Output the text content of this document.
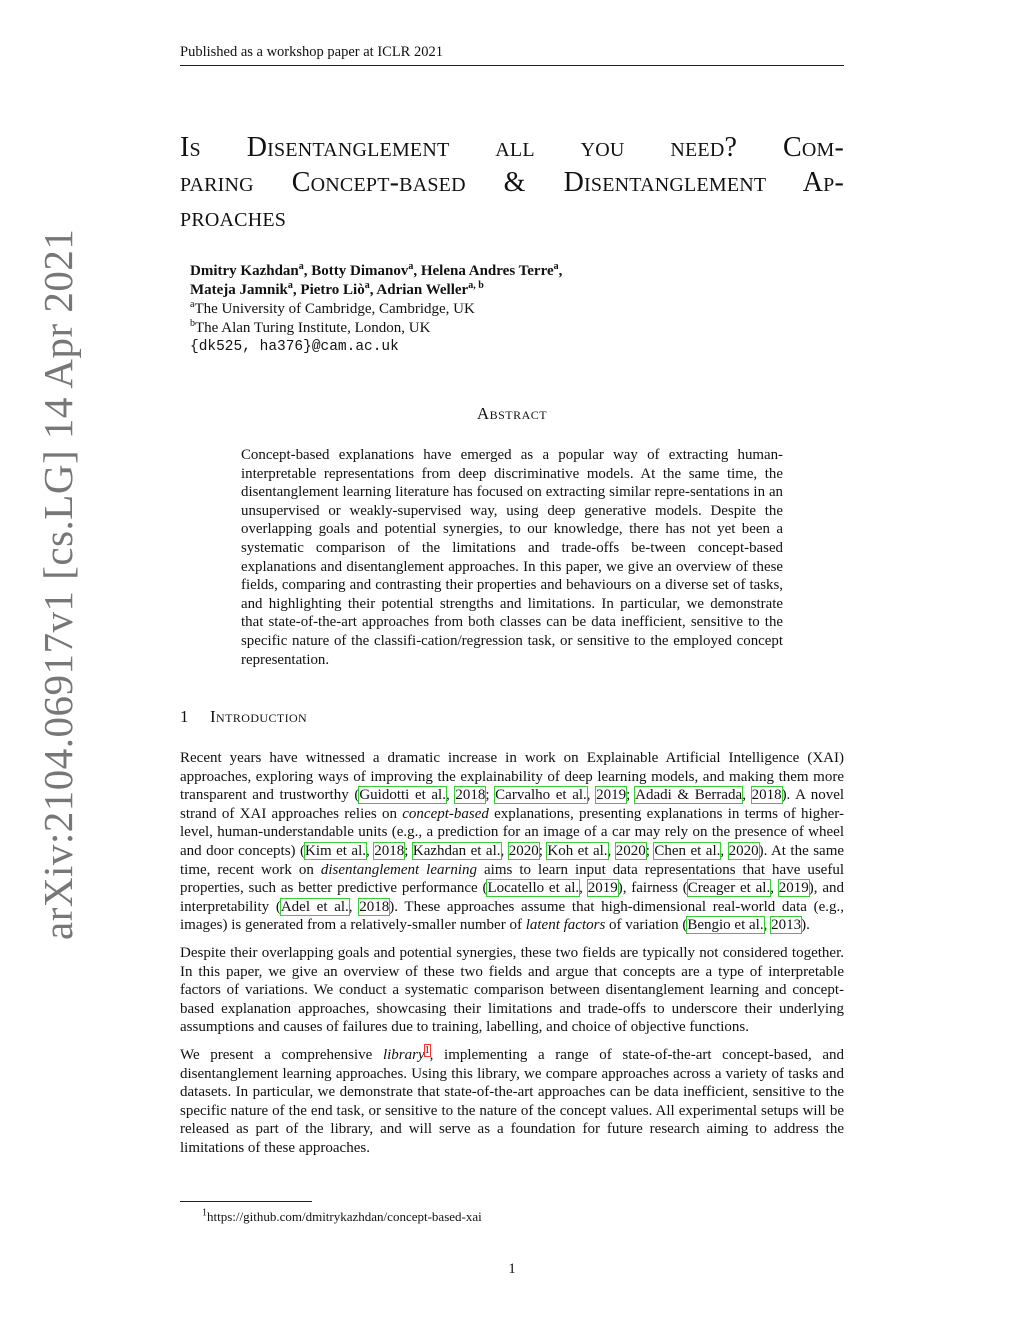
Published as a workshop paper at ICLR 2021
arXiv:2104.06917v1 [cs.LG] 14 Apr 2021
Is Disentanglement all you need? Com-
paring Concept-based & Disentanglement Ap-
proaches
Dmitry Kazhdan$^a$, Botty Dimanov$^a$, Helena Andres Terre$^a$,
Mateja Jamnik$^a$, Pietro Liò$^a$, Adrian Weller$^{a, b}$
$^a$The University of Cambridge, Cambridge, UK
$^b$The Alan Turing Institute, London, UK
{dk525, ha376}@cam.ac.uk
Abstract
Concept-based explanations have emerged as a popular way of extracting human-interpretable representations from deep discriminative models. At the same time, the disentanglement learning literature has focused on extracting similar repre-sentations in an unsupervised or weakly-supervised way, using deep generative models. Despite the overlapping goals and potential synergies, to our knowledge, there has not yet been a systematic comparison of the limitations and trade-offs be-tween concept-based explanations and disentanglement approaches. In this paper, we give an overview of these fields, comparing and contrasting their properties and behaviours on a diverse set of tasks, and highlighting their potential strengths and limitations. In particular, we demonstrate that state-of-the-art approaches from both classes can be data inefficient, sensitive to the specific nature of the classifi-cation/regression task, or sensitive to the employed concept representation.
1 Introduction

Recent years have witnessed a dramatic increase in work on Explainable Artificial Intelligence (XAI) approaches, exploring ways of improving the explainability of deep learning models, and making them more transparent and trustworthy (Guidotti et al., 2018; Carvalho et al., 2019; Adadi & Berrada, 2018). A novel strand of XAI approaches relies on concept-based explanations, presenting explanations in terms of higher-level, human-understandable units (e.g., a prediction for an image of a car may rely on the presence of wheel and door concepts) (Kim et al., 2018; Kazhdan et al., 2020; Koh et al., 2020; Chen et al., 2020). At the same time, recent work on disentanglement learning aims to learn input data representations that have useful properties, such as better predictive performance (Locatello et al., 2019), fairness (Creager et al., 2019), and interpretability (Adel et al., 2018). These approaches assume that high-dimensional real-world data (e.g., images) is generated from a relatively-smaller number of latent factors of variation (Bengio et al., 2013).

Despite their overlapping goals and potential synergies, these two fields are typically not considered together. In this paper, we give an overview of these two fields and argue that concepts are a type of interpretable factors of variations. We conduct a systematic comparison between disentanglement learning and concept-based explanation approaches, showcasing their limitations and trade-offs to underscore their underlying assumptions and causes of failures due to training, labelling, and choice of objective functions.

We present a comprehensive library$^1$, implementing a range of state-of-the-art concept-based, and disentanglement learning approaches. Using this library, we compare approaches across a variety of tasks and datasets. In particular, we demonstrate that state-of-the-art approaches can be data inefficient, sensitive to the specific nature of the end task, or sensitive to the nature of the concept values. All experimental setups will be released as part of the library, and will serve as a foundation for future research aiming to address the limitations of these approaches.

$^1$https://github.com/dmitrykazhdan/concept-based-xai
1
